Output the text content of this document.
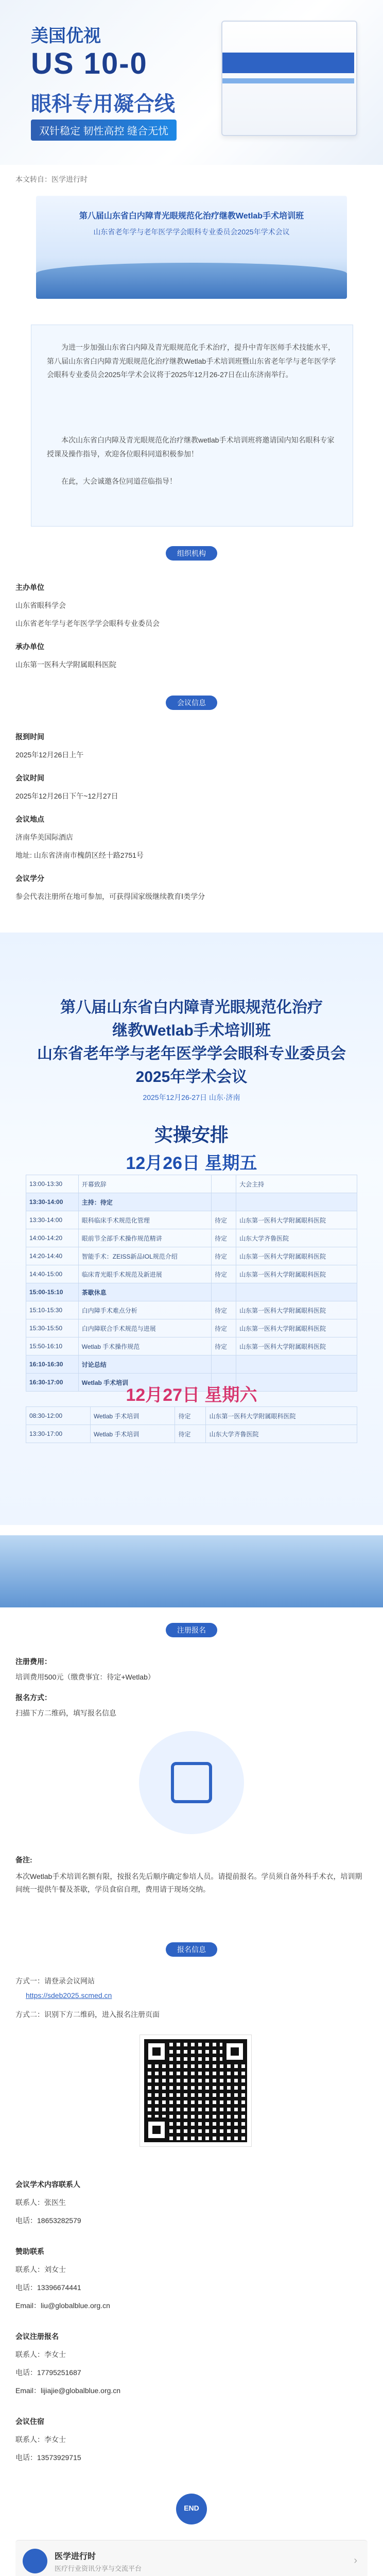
美国优视
US 10-0
眼科专用凝合线
双针稳定 韧性高控 缝合无忧
本文转自：医学进行时
第八届山东省白内障青光眼规范化治疗继教Wetlab手术培训班
山东省老年学与老年医学学会眼科专业委员会2025年学术会议
为进一步加强山东省白内障及青光眼规范化手术治疗，提升中青年医师手术技能水平，第八届山东省白内障青光眼规范化治疗继教Wetlab手术培训班暨山东省老年学与老年医学学会眼科专业委员会2025年学术会议将于2025年12月26-27日在山东济南举行。
本次山东省白内障及青光眼规范化治疗继教wetlab手术培训班将邀请国内知名眼科专家授课及操作指导，欢迎各位眼科同道积极参加！
在此，大会诚邀各位同道莅临指导！
组织机构
主办单位
山东省眼科学会
山东省老年学与老年医学学会眼科专业委员会
承办单位
山东第一医科大学附属眼科医院
会议信息
报到时间
2025年12月26日上午
会议时间
2025年12月26日下午~12月27日
会议地点
济南华美国际酒店
地址: 山东省济南市槐荫区经十路2751号
会议学分
参会代表注册所在地可参加，可获得国家级继续教育Ⅰ类学分
第八届山东省白内障青光眼规范化治疗
继教Wetlab手术培训班
山东省老年学与老年医学学会眼科专业委员会
2025年学术会议
2025年12月26-27日 山东·济南
实操安排
12月26日 星期五
13:00-13:30	开幕致辞		大会主持
13:30-14:00	主持：待定		
13:30-14:00	眼科临床手术规范化管理	待定	山东第一医科大学附属眼科医院
14:00-14:20	眼前节全部手术操作规范精讲	待定	山东大学齐鲁医院
14:20-14:40	智能手术：ZEISS新品IOL规范介绍	待定	山东第一医科大学附属眼科医院
14:40-15:00	临床青光眼手术规范及新进展	待定	山东第一医科大学附属眼科医院
15:00-15:10	茶歇休息		
15:10-15:30	白内障手术难点分析	待定	山东第一医科大学附属眼科医院
15:30-15:50	白内障联合手术规范与进展	待定	山东第一医科大学附属眼科医院
15:50-16:10	Wetlab 手术操作规范	待定	山东第一医科大学附属眼科医院
16:10-16:30	讨论总结		
16:30-17:00	Wetlab 手术培训		
12月27日 星期六
08:30-12:00	Wetlab 手术培训	待定	山东第一医科大学附属眼科医院
13:30-17:00	Wetlab 手术培训	待定	山东大学齐鲁医院
注册报名
注册费用：
培训费用500元（缴费事宜：待定+Wetlab）
报名方式：
扫描下方二维码，填写报名信息
备注:
本次Wetlab手术培训名额有限，按报名先后顺序确定参培人员。请提前报名。学员须自备外科手术衣，培训期间统一提供午餐及茶歇，学员食宿自理，费用请于现场交纳。
报名信息
方式一：请登录会议网站
https://sdeb2025.scmed.cn
方式二：识别下方二维码，进入报名注册页面
会议学术内容联系人
联系人：张医生
电话：18653282579
赞助联系
联系人：刘女士
电话：13396674441
Email：liu@globalblue.org.cn
会议注册报名
联系人：李女士
电话：17795251687
Email：lijiajie@globalblue.org.cn
会议住宿
联系人：李女士
电话：13573929715
END
医学进行时
医疗行业资讯分享与交流平台
›
